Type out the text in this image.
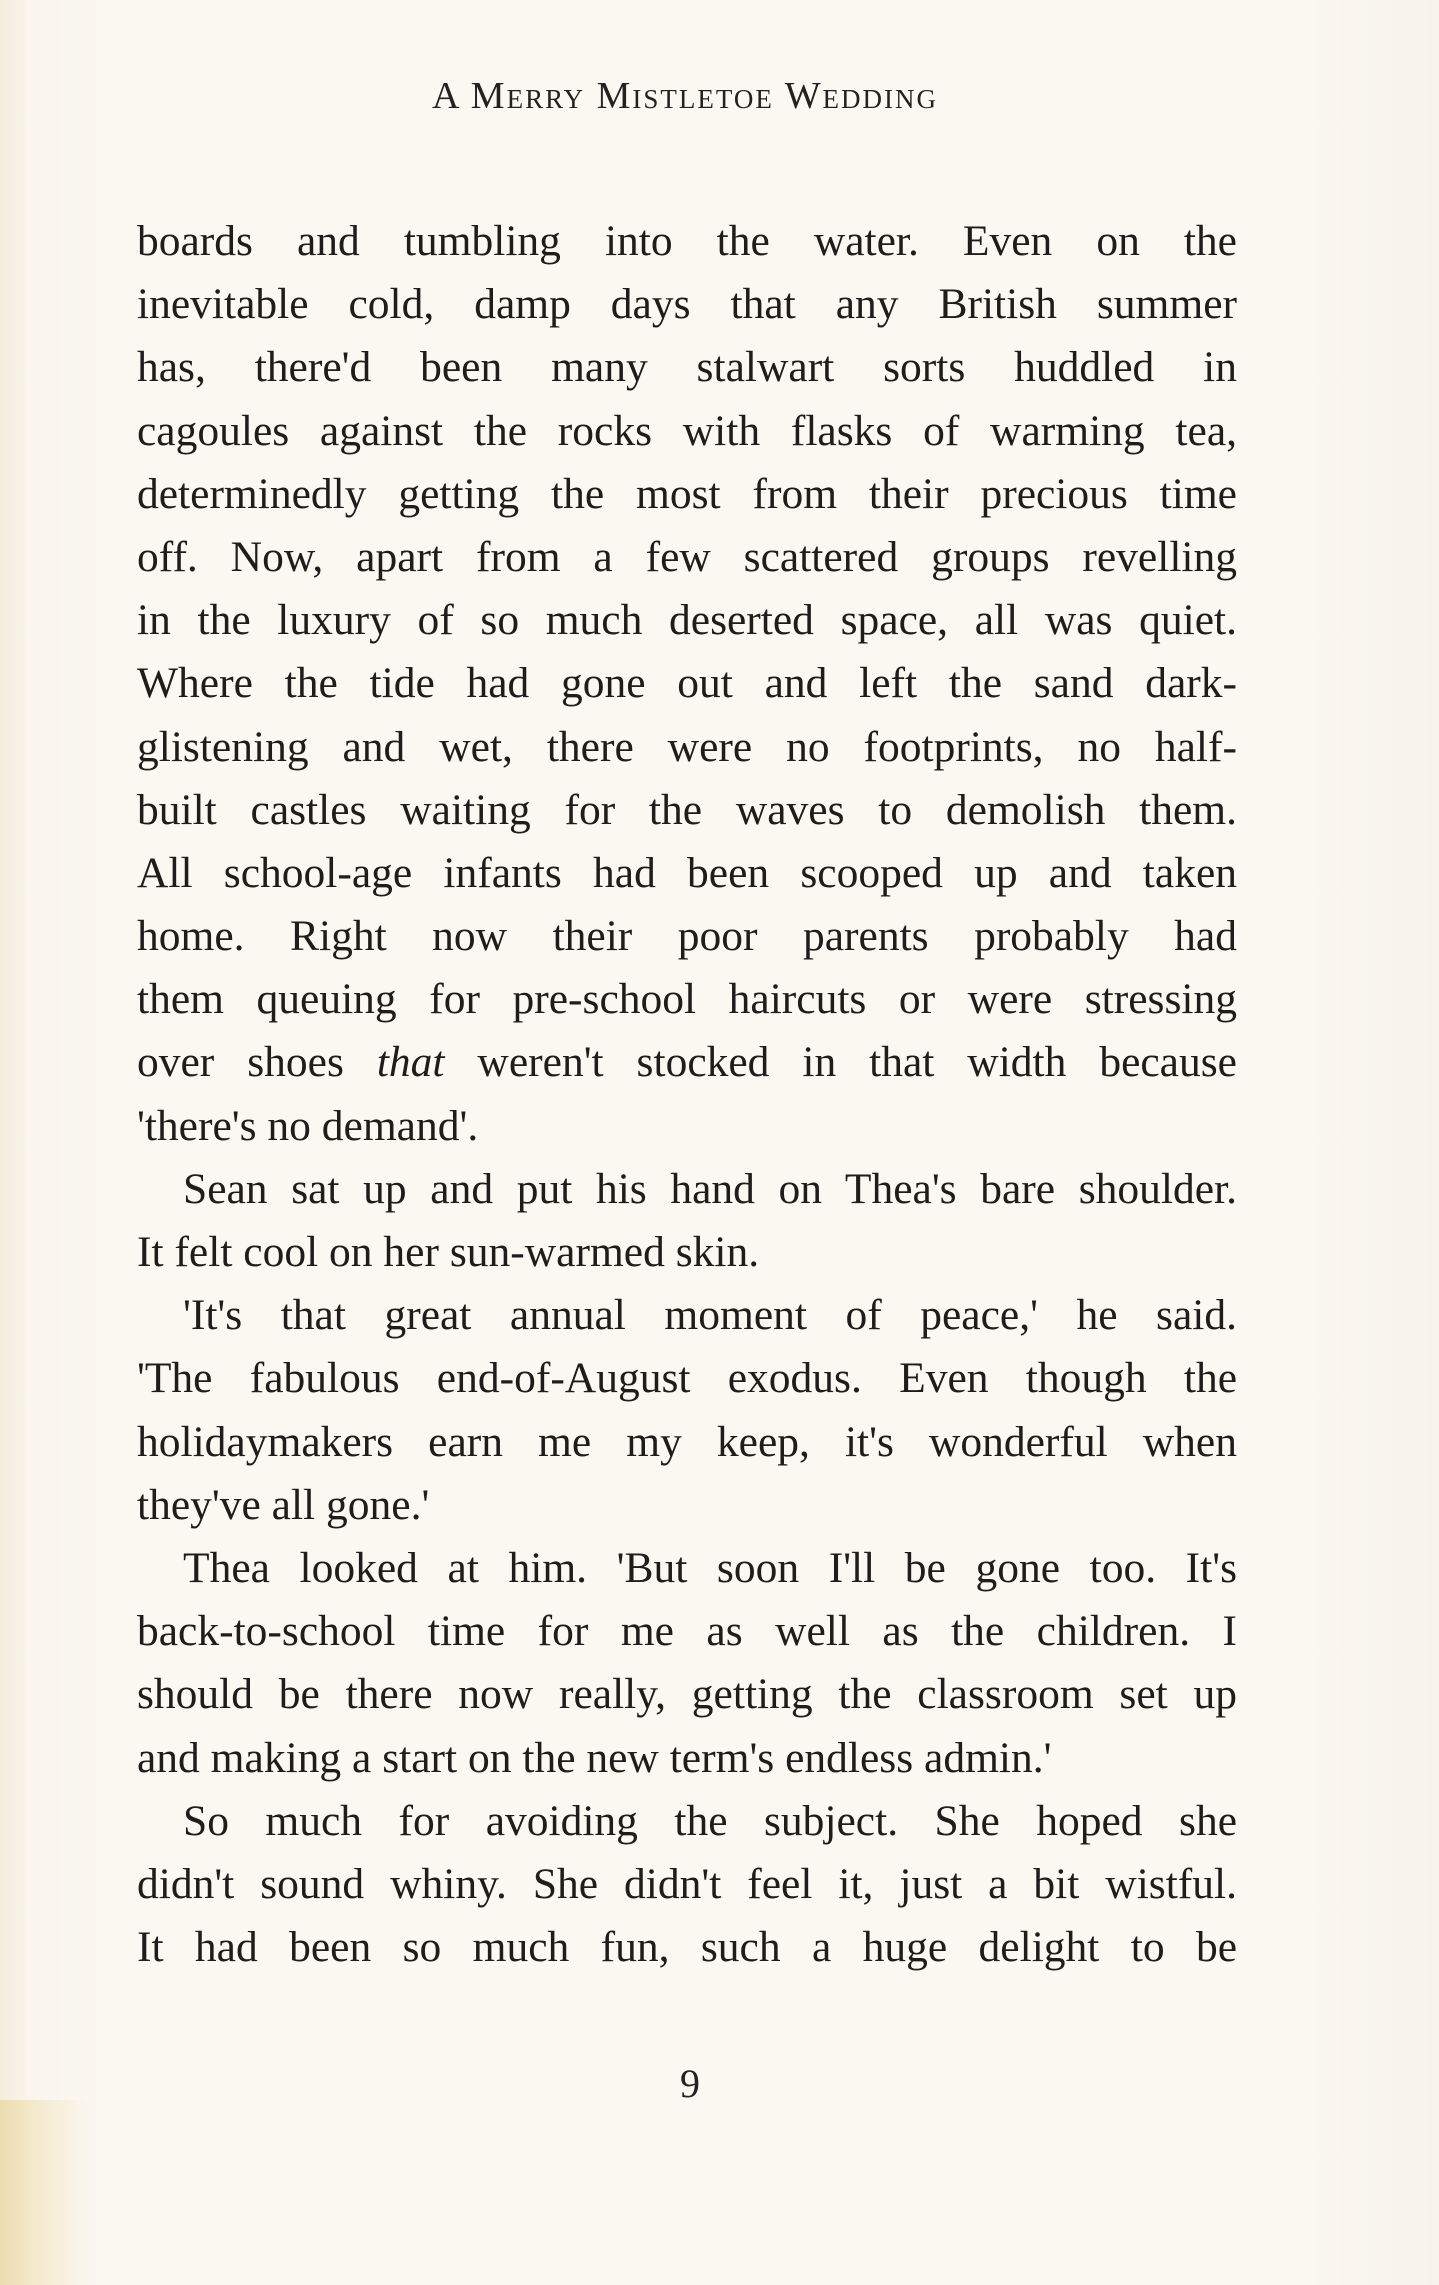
A Merry Mistletoe Wedding
boards and tumbling into the water. Even on the
inevitable cold, damp days that any British summer
has, there'd been many stalwart sorts huddled in
cagoules against the rocks with flasks of warming tea,
determinedly getting the most from their precious time
off. Now, apart from a few scattered groups revelling
in the luxury of so much deserted space, all was quiet.
Where the tide had gone out and left the sand dark-
glistening and wet, there were no footprints, no half-
built castles waiting for the waves to demolish them.
All school-age infants had been scooped up and taken
home. Right now their poor parents probably had
them queuing for pre-school haircuts or were stressing
over shoes that weren't stocked in that width because
'there's no demand'.
Sean sat up and put his hand on Thea's bare shoulder.
It felt cool on her sun-warmed skin.
'It's that great annual moment of peace,' he said.
'The fabulous end-of-August exodus. Even though the
holidaymakers earn me my keep, it's wonderful when
they've all gone.'
Thea looked at him. 'But soon I'll be gone too. It's
back-to-school time for me as well as the children. I
should be there now really, getting the classroom set up
and making a start on the new term's endless admin.'
So much for avoiding the subject. She hoped she
didn't sound whiny. She didn't feel it, just a bit wistful.
It had been so much fun, such a huge delight to be
9
